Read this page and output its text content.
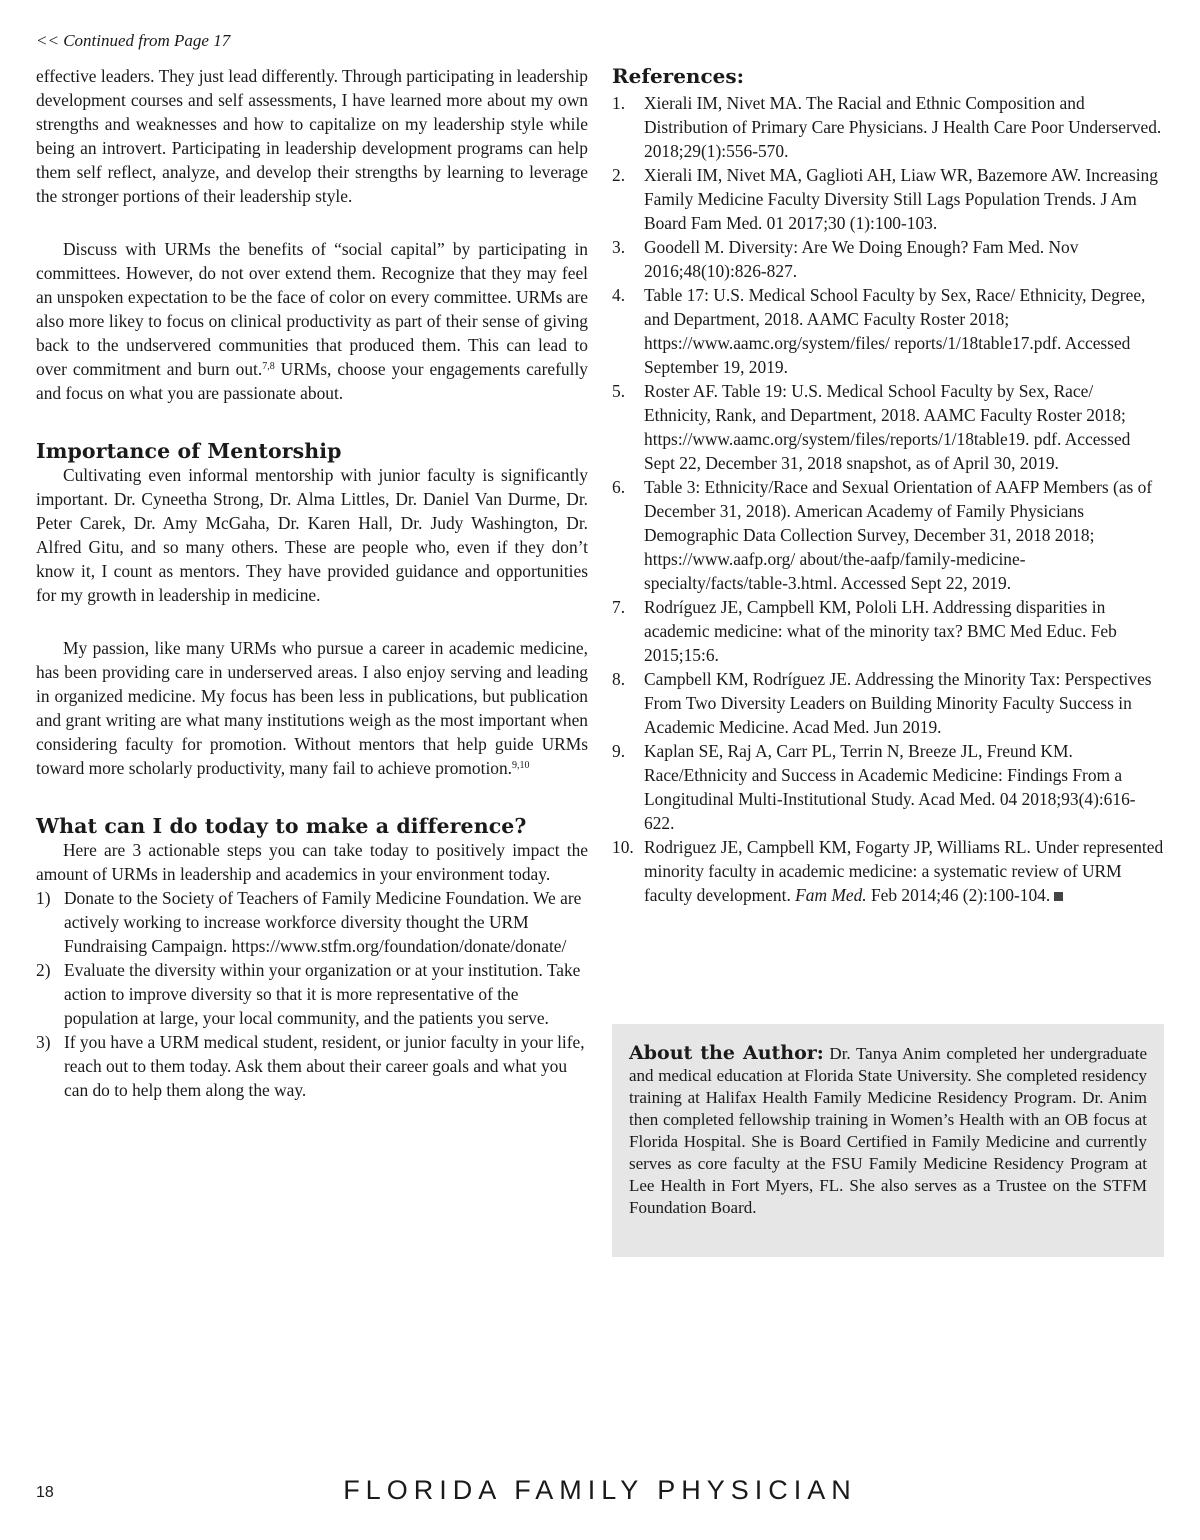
<< Continued from Page 17

effective leaders. They just lead differently. Through participating in leadership development courses and self assessments, I have learned more about my own strengths and weaknesses and how to capitalize on my leadership style while being an introvert. Participating in leadership development programs can help them self reflect, analyze, and develop their strengths by learning to leverage the stronger portions of their leadership style.

Discuss with URMs the benefits of “social capital” by participating in committees. However, do not over extend them. Recognize that they may feel an unspoken expectation to be the face of color on every committee. URMs are also more likey to focus on clinical productivity as part of their sense of giving back to the undservered communities that produced them. This can lead to over commitment and burn out.$^{7,8}$ URMs, choose your engagements carefully and focus on what you are passionate about.

Importance of Mentorship

Cultivating even informal mentorship with junior faculty is significantly important. Dr. Cyneetha Strong, Dr. Alma Littles, Dr. Daniel Van Durme, Dr. Peter Carek, Dr. Amy McGaha, Dr. Karen Hall, Dr. Judy Washington, Dr. Alfred Gitu, and so many others. These are people who, even if they don’t know it, I count as mentors. They have provided guidance and opportunities for my growth in leadership in medicine.

My passion, like many URMs who pursue a career in academic medicine, has been providing care in underserved areas. I also enjoy serving and leading in organized medicine. My focus has been less in publications, but publication and grant writing are what many institutions weigh as the most important when considering faculty for promotion. Without mentors that help guide URMs toward more scholarly productivity, many fail to achieve promotion.$^{9,10}$

What can I do today to make a difference?

Here are 3 actionable steps you can take today to positively impact the amount of URMs in leadership and academics in your environment today.

1) Donate to the Society of Teachers of Family Medicine Foundation. We are actively working to increase workforce diversity thought the URM Fundraising Campaign. https://www.stfm.org/foundation/donate/donate/
2) Evaluate the diversity within your organization or at your institution. Take action to improve diversity so that it is more representative of the population at large, your local community, and the patients you serve.
3) If you have a URM medical student, resident, or junior faculty in your life, reach out to them today. Ask them about their career goals and what you can do to help them along the way.
References:
1. Xierali IM, Nivet MA. The Racial and Ethnic Composition and Distribution of Primary Care Physicians. J Health Care Poor Underserved. 2018;29(1):556-570.
2. Xierali IM, Nivet MA, Gaglioti AH, Liaw WR, Bazemore AW. Increasing Family Medicine Faculty Diversity Still Lags Population Trends. J Am Board Fam Med. 01 2017;30 (1):100-103.
3. Goodell M. Diversity: Are We Doing Enough? Fam Med. Nov 2016;48(10):826-827.
4. Table 17: U.S. Medical School Faculty by Sex, Race/ Ethnicity, Degree, and Department, 2018. AAMC Faculty Roster 2018; https://www.aamc.org/system/files/ reports/1/18table17.pdf. Accessed September 19, 2019.
5. Roster AF. Table 19: U.S. Medical School Faculty by Sex, Race/ Ethnicity, Rank, and Department, 2018. AAMC Faculty Roster 2018; https://www.aamc.org/system/files/reports/1/18table19. pdf. Accessed Sept 22, December 31, 2018 snapshot, as of April 30, 2019.
6. Table 3: Ethnicity/Race and Sexual Orientation of AAFP Members (as of December 31, 2018). American Academy of Family Physicians Demographic Data Collection Survey, December 31, 2018 2018; https://www.aafp.org/ about/the-aafp/family-medicine-specialty/facts/table-3.html. Accessed Sept 22, 2019.
7. Rodríguez JE, Campbell KM, Pololi LH. Addressing disparities in academic medicine: what of the minority tax? BMC Med Educ. Feb 2015;15:6.
8. Campbell KM, Rodríguez JE. Addressing the Minority Tax: Perspectives From Two Diversity Leaders on Building Minority Faculty Success in Academic Medicine. Acad Med. Jun 2019.
9. Kaplan SE, Raj A, Carr PL, Terrin N, Breeze JL, Freund KM. Race/Ethnicity and Success in Academic Medicine: Findings From a Longitudinal Multi-Institutional Study. Acad Med. 04 2018;93(4):616-622.
10. Rodriguez JE, Campbell KM, Fogarty JP, Williams RL. Under represented minority faculty in academic medicine: a systematic review of URM faculty development. Fam Med. Feb 2014;46 (2):100-104.
About the Author: Dr. Tanya Anim completed her undergraduate and medical education at Florida State University. She completed residency training at Halifax Health Family Medicine Residency Program. Dr. Anim then completed fellowship training in Women’s Health with an OB focus at Florida Hospital. She is Board Certified in Family Medicine and currently serves as core faculty at the FSU Family Medicine Residency Program at Lee Health in Fort Myers, FL. She also serves as a Trustee on the STFM Foundation Board.
18	FLORIDA FAMILY PHYSICIAN
